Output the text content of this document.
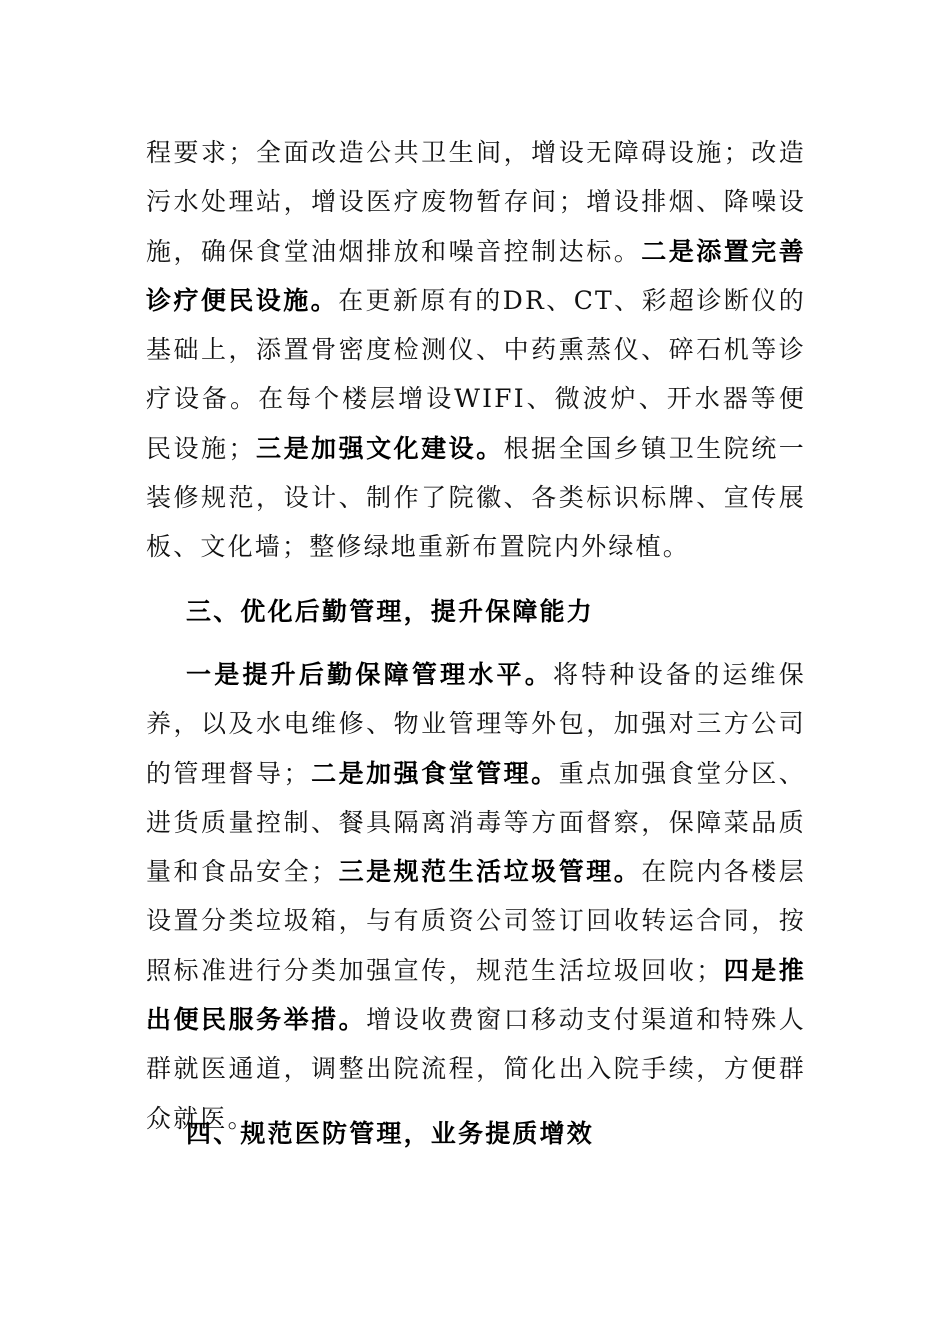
程要求；全面改造公共卫生间，增设无障碍设施；改造污水处理站，增设医疗废物暂存间；增设排烟、降噪设施，确保食堂油烟排放和噪音控制达标。二是添置完善诊疗便民设施。在更新原有的DR、CT、彩超诊断仪的基础上，添置骨密度检测仪、中药熏蒸仪、碎石机等诊疗设备。在每个楼层增设WIFI、微波炉、开水器等便民设施；三是加强文化建设。根据全国乡镇卫生院统一装修规范，设计、制作了院徽、各类标识标牌、宣传展板、文化墙；整修绿地重新布置院内外绿植。

三、优化后勤管理，提升保障能力

一是提升后勤保障管理水平。将特种设备的运维保养，以及水电维修、物业管理等外包，加强对三方公司的管理督导；二是加强食堂管理。重点加强食堂分区、进货质量控制、餐具隔离消毒等方面督察，保障菜品质量和食品安全；三是规范生活垃圾管理。在院内各楼层设置分类垃圾箱，与有质资公司签订回收转运合同，按照标准进行分类加强宣传，规范生活垃圾回收；四是推出便民服务举措。增设收费窗口移动支付渠道和特殊人群就医通道，调整出院流程，简化出入院手续，方便群众就医。

四、规范医防管理，业务提质增效
